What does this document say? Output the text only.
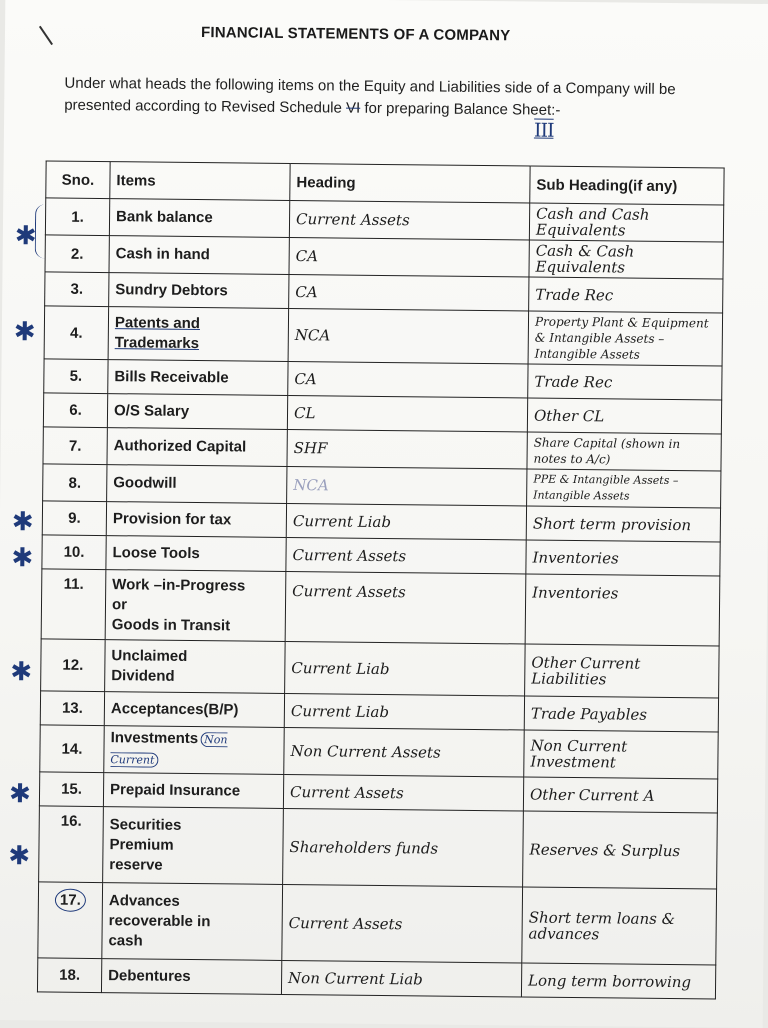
FINANCIAL STATEMENTS OF A COMPANY

Under what heads the following items on the Equity and Liabilities side of a Company will be presented according to Revised Schedule VI for preparing Balance Sheet:-

III
✱
✱
✱
✱
✱
✱
✱
Sno.	Items	Heading	Sub Heading(if any)
1.	Bank balance	Current Assets	Cash and Cash Equivalents
2.	Cash in hand	CA	Cash & Cash Equivalents
3.	Sundry Debtors	CA	Trade Rec
4.	Patents and Trademarks	NCA	Property Plant & Equipment & Intangible Assets – Intangible Assets
5.	Bills Receivable	CA	Trade Rec
6.	O/S Salary	CL	Other CL
7.	Authorized Capital	SHF	Share Capital (shown in notes to A/c)
8.	Goodwill	NCA	PPE & Intangible Assets – Intangible Assets
9.	Provision for tax	Current Liab	Short term provision
10.	Loose Tools	Current Assets	Inventories
11.	Work –in-Progress
or
Goods in Transit	Current Assets	Inventories
12.	Unclaimed
Dividend	Current Liab	Other Current Liabilities
13.	Acceptances(B/P)	Current Liab	Trade Payables
14.	Investments Non Current	Non Current Assets	Non Current Investment
15.	Prepaid Insurance	Current Assets	Other Current A
16.	Securities
Premium
reserve	Shareholders funds	Reserves & Surplus
17.	Advances
recoverable in
cash	Current Assets	Short term loans & advances
18.	Debentures	Non Current Liab	Long term borrowing
